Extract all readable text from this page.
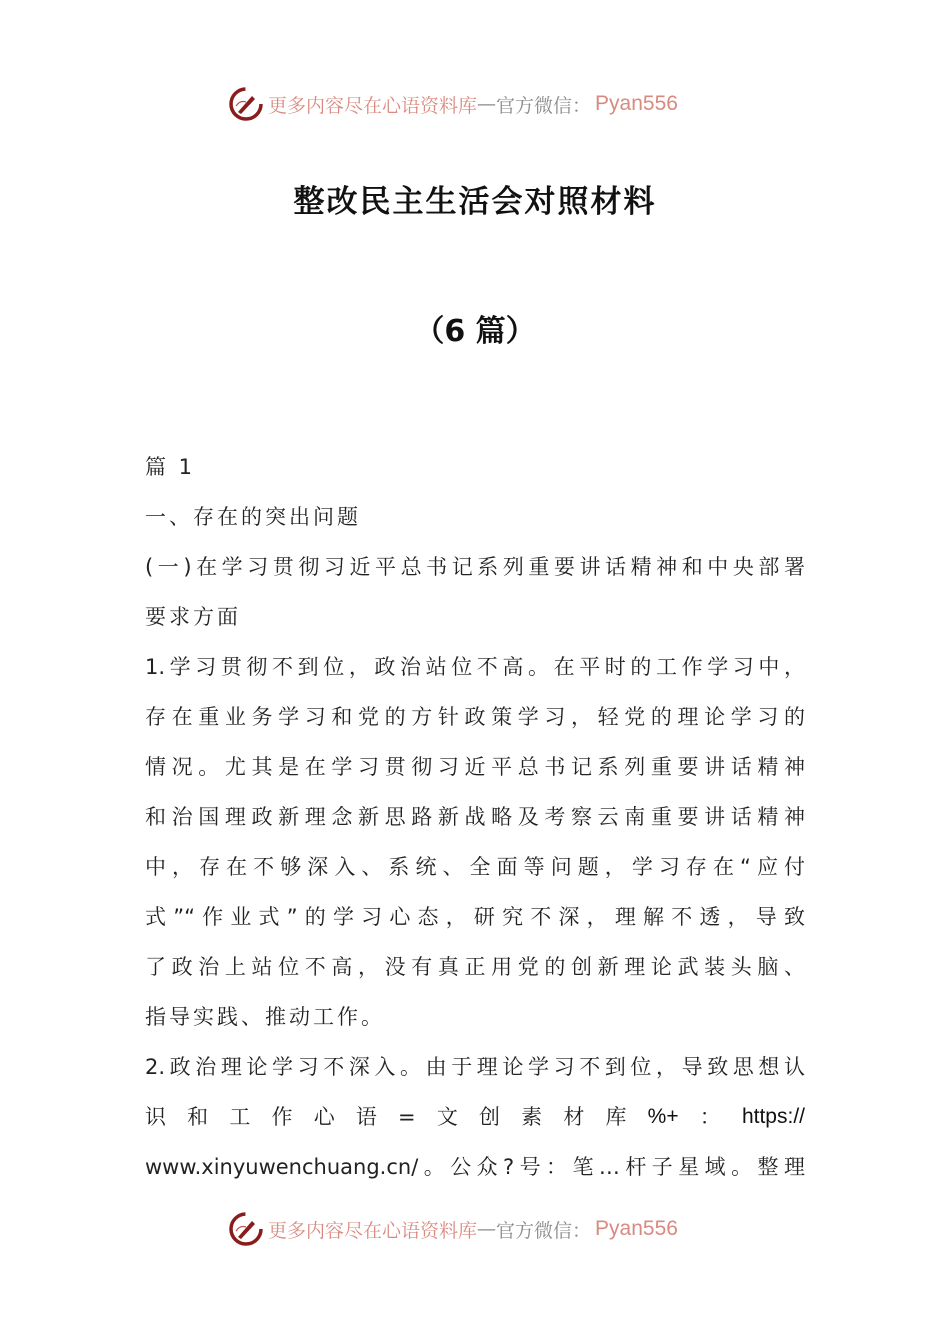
更多内容尽在心语资料库 — 官方微信： Pyan556
整改民主生活会对照材料
（6 篇）
篇 1
一、存在的突出问题
(一)在学习贯彻习近平总书记系列重要讲话精神和中央部署
要求方面
1.学习贯彻不到位，政治站位不高。在平时的工作学习中，
存在重业务学习和党的方针政策学习，轻党的理论学习的
情况。尤其是在学习贯彻习近平总书记系列重要讲话精神
和治国理政新理念新思路新战略及考察云南重要讲话精神
中，存在不够深入、系统、全面等问题，学习存在“应付
式”“作业式”的学习心态，研究不深，理解不透，导致
了政治上站位不高，没有真正用党的创新理论武装头脑、
指导实践、推动工作。
2.政治理论学习不深入。由于理论学习不到位，导致思想认
识 和 工 作 心 语 = 文 创 素 材 库 %+ ： https://
www.xinyuwenchuang.cn/。公众?号：笔…杆子星域。整理
更多内容尽在心语资料库 — 官方微信： Pyan556
